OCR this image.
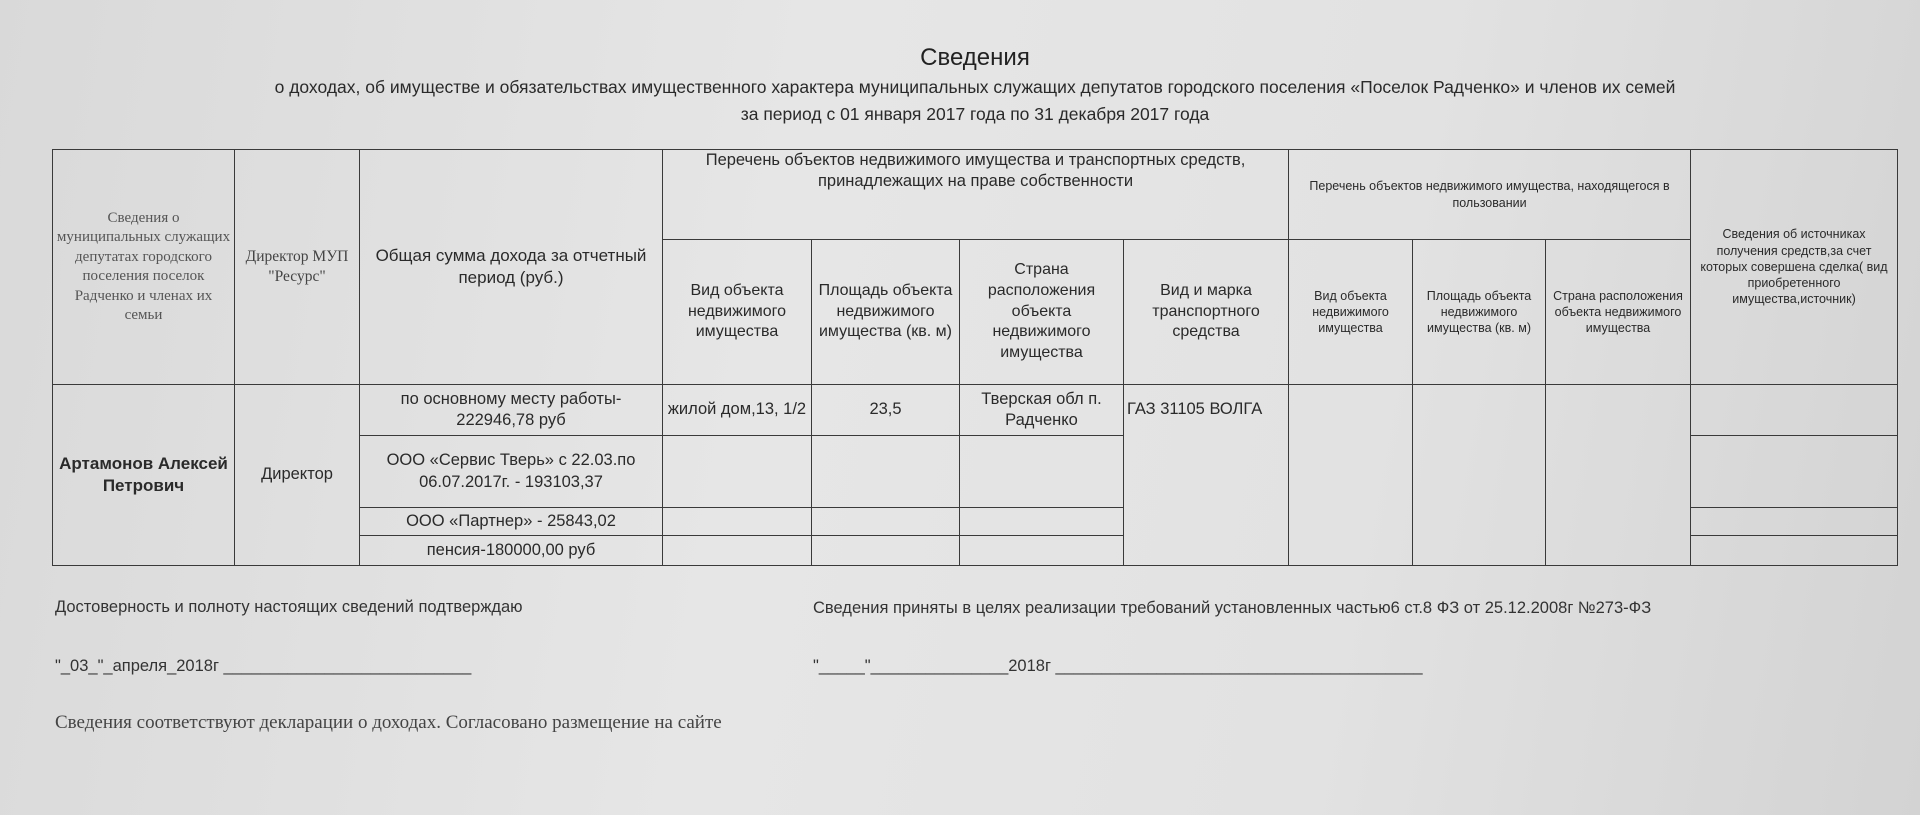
Сведения
о доходах, об имуществе и обязательствах имущественного характера муниципальных служащих депутатов городского поселения «Поселок Радченко» и членов их семей
за период с 01 января 2017 года по 31 декабря 2017 года
Сведения о муниципальных служащих депутатах городского поселения поселок Радченко и членах их семьи	Директор МУП "Ресурс"	Общая сумма дохода за отчетный период (руб.)	Перечень объектов недвижимого имущества и транспортных средств, принадлежащих на праве собственности				Перечень объектов недвижимого имущества, находящегося в пользовании			Сведения об источниках получения средств,за счет которых совершена сделка( вид приобретенного имущества,источник)
			Вид объекта недвижимого имущества	Площадь объекта недвижимого имущества (кв. м)	Страна расположения объекта недвижимого имущества	Вид и марка транспортного средства	Вид объекта недвижимого имущества	Площадь объекта недвижимого имущества (кв. м)	Страна расположения объекта недвижимого имущества	
Артамонов Алексей Петрович	Директор	по основному месту работы- 222946,78 руб	жилой дом,13, 1/2	23,5	Тверская обл п. Радченко	ГАЗ 31105 ВОЛГА				
		ООО «Сервис Тверь» с 22.03.по 06.07.2017г. - 193103,37								
		ООО «Партнер» - 25843,02								
		пенсия-180000,00 руб								
Достоверность и полноту настоящих сведений подтверждаю
"_03_"_апреля_2018г ___________________________
Сведения приняты в целях реализации требований установленных частью6 ст.8 ФЗ от 25.12.2008г №273-ФЗ
"_____"_______________2018г ________________________________________
Сведения соответствуют декларации о доходах. Согласовано размещение на сайте
